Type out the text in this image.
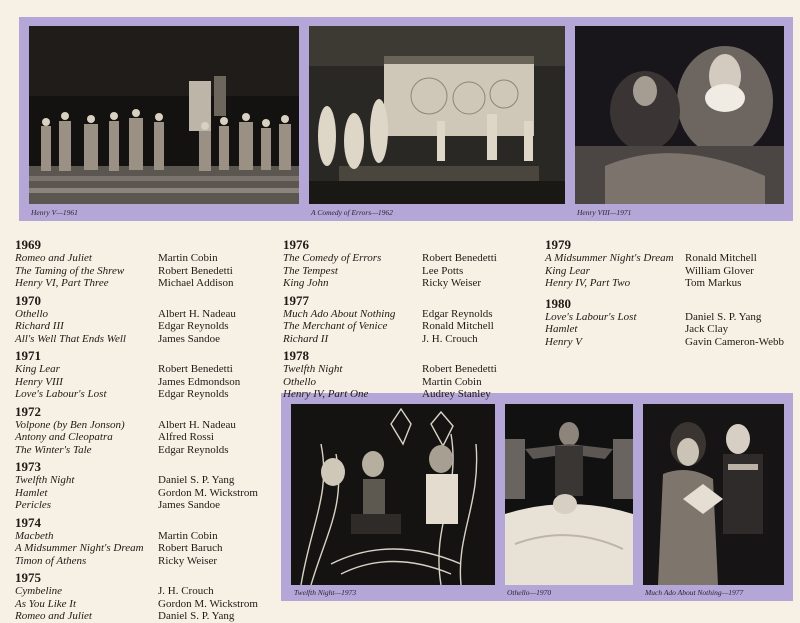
Henry V—1961	A Comedy of Errors—1962	Henry VIII—1971
Twelfth Night—1973	Othello—1970	Much Ado About Nothing—1977
1969
Romeo and Juliet	Martin Cobin
The Taming of the Shrew	Robert Benedetti
Henry VI, Part Three	Michael Addison
1970
Othello	Albert H. Nadeau
Richard III	Edgar Reynolds
All's Well That Ends Well	James Sandoe
1971
King Lear	Robert Benedetti
Henry VIII	James Edmondson
Love's Labour's Lost	Edgar Reynolds
1972
Volpone (by Ben Jonson)	Albert H. Nadeau
Antony and Cleopatra	Alfred Rossi
The Winter's Tale	Edgar Reynolds
1973
Twelfth Night	Daniel S. P. Yang
Hamlet	Gordon M. Wickstrom
Pericles	James Sandoe
1974
Macbeth	Martin Cobin
A Midsummer Night's Dream	Robert Baruch
Timon of Athens	Ricky Weiser
1975
Cymbeline	J. H. Crouch
As You Like It	Gordon M. Wickstrom
Romeo and Juliet	Daniel S. P. Yang
1976
The Comedy of Errors	Robert Benedetti
The Tempest	Lee Potts
King John	Ricky Weiser
1977
Much Ado About Nothing	Edgar Reynolds
The Merchant of Venice	Ronald Mitchell
Richard II	J. H. Crouch
1978
Twelfth Night	Robert Benedetti
Othello	Martin Cobin
Henry IV, Part One	Audrey Stanley
1979
A Midsummer Night's Dream	Ronald Mitchell
King Lear	William Glover
Henry IV, Part Two	Tom Markus
1980
Love's Labour's Lost	Daniel S. P. Yang
Hamlet	Jack Clay
Henry V	Gavin Cameron-Webb
